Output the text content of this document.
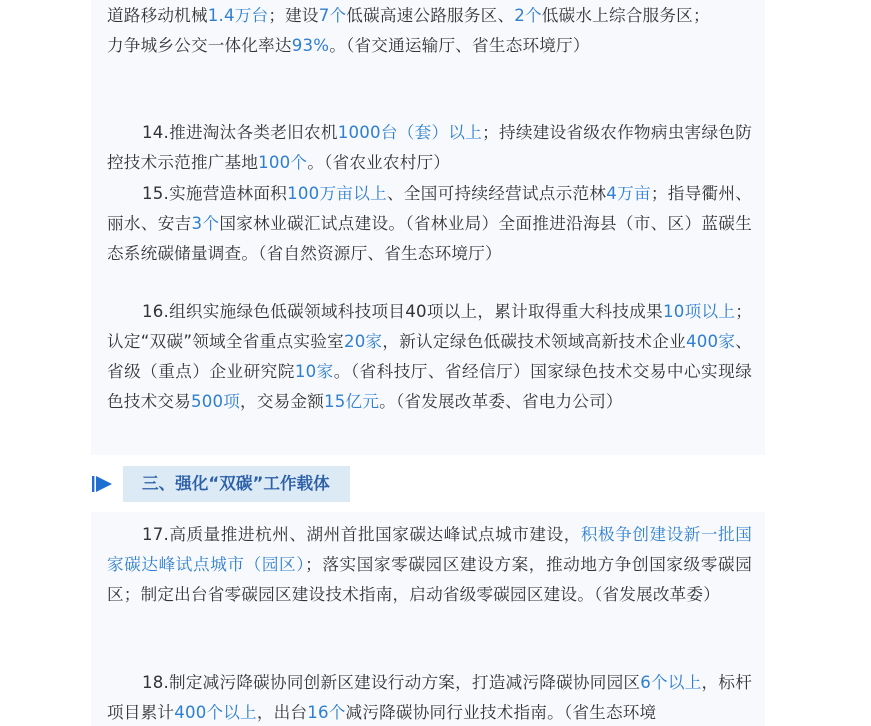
道路移动机械1.4万台；建设7个低碳高速公路服务区、2个低碳水上综合服务区；
力争城乡公交一体化率达93%。（省交通运输厅、省生态环境厅）

14.推进淘汰各类老旧农机1000台（套）以上；持续建设省级农作物病虫害绿色防控技术示范推广基地100个。（省农业农村厅）

15.实施营造林面积100万亩以上、全国可持续经营试点示范林4万亩；指导衢州、丽水、安吉3个国家林业碳汇试点建设。（省林业局）全面推进沿海县（市、区）蓝碳生态系统碳储量调查。（省自然资源厅、省生态环境厅）

16.组织实施绿色低碳领域科技项目40项以上，累计取得重大科技成果10项以上；认定“双碳”领域全省重点实验室20家，新认定绿色低碳技术领域高新技术企业400家、省级（重点）企业研究院10家。（省科技厅、省经信厅）国家绿色技术交易中心实现绿色技术交易500项，交易金额15亿元。（省发展改革委、省电力公司）

三、强化“双碳”工作载体

17.高质量推进杭州、湖州首批国家碳达峰试点城市建设，积极争创建设新一批国家碳达峰试点城市（园区）；落实国家零碳园区建设方案，推动地方争创国家级零碳园区；制定出台省零碳园区建设技术指南，启动省级零碳园区建设。（省发展改革委）

18.制定减污降碳协同创新区建设行动方案，打造减污降碳协同园区6个以上，标杆项目累计400个以上，出台16个减污降碳协同行业技术指南。（省生态环境
